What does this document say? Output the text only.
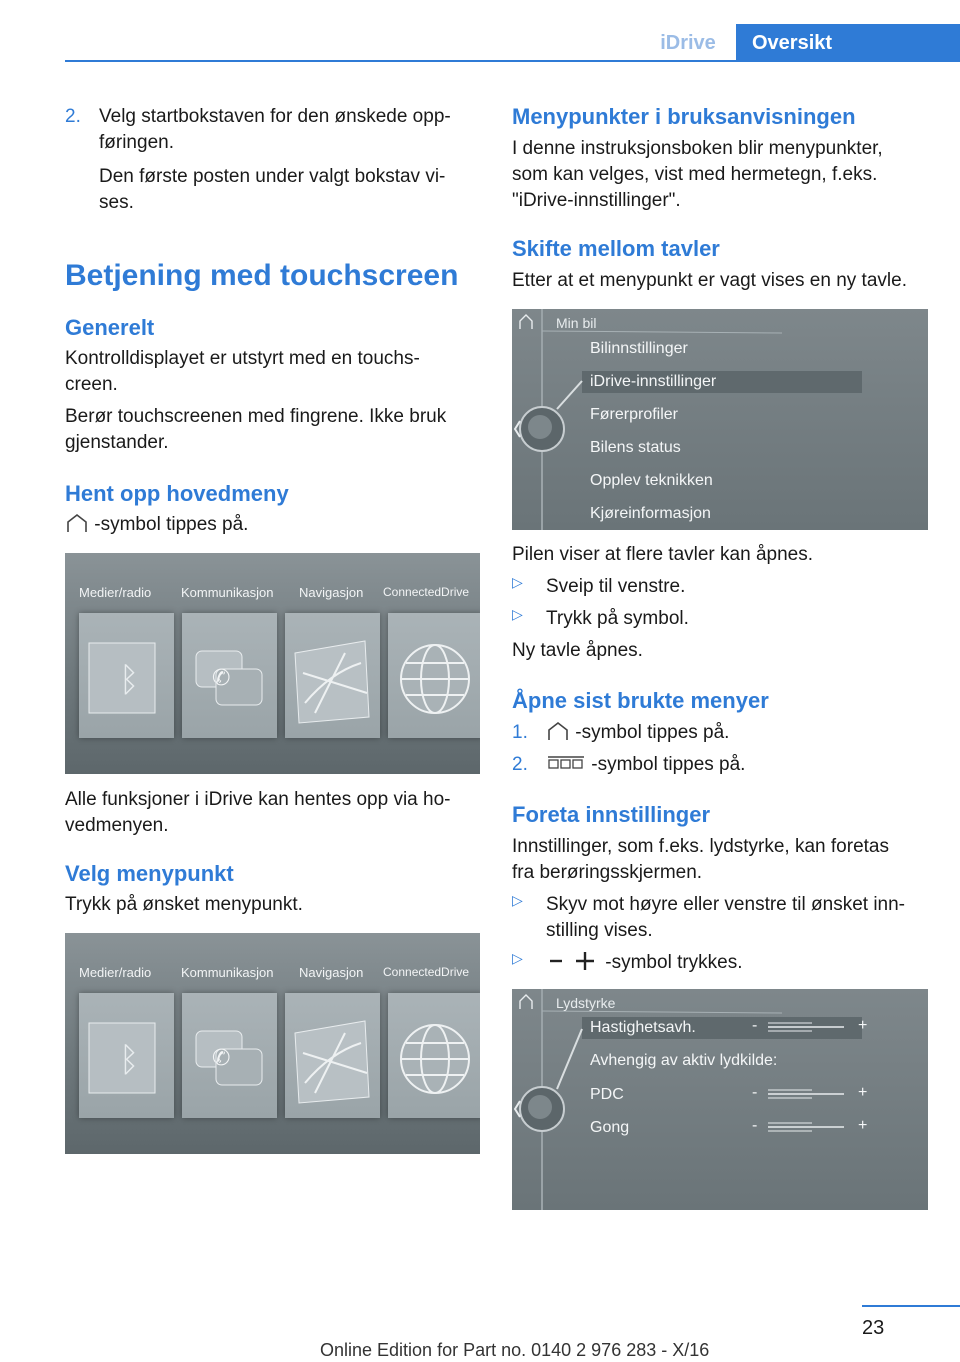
iDrive	Oversikt
2. Velg startbokstaven for den ønskede opp-
føringen.

Den første posten under valgt bokstav vi-
ses.

Betjening med touchscreen
Generelt

Kontrolldisplayet er utstyrt med en touchs-
creen.

Berør touchscreenen med fingrene. Ikke bruk
gjenstander.

Hent opp hovedmeny
-symbol tippes på.
Medier/radio Kommunikasjon Navigasjon ConnectedDrive
ᛒ	✆

Alle funksjoner i iDrive kan hentes opp via ho-
vedmenyen.

Velg menypunkt

Trykk på ønsket menypunkt.

Medier/radio Kommunikasjon Navigasjon ConnectedDrive
ᛒ	✆
Menypunkter i bruksanvisningen

I denne instruksjonsboken blir menypunkter,
som kan velges, vist med hermetegn, f.eks.
"iDrive-innstillinger".

Skifte mellom tavler

Etter at et menypunkt er vagt vises en ny tavle.

Min bil
Bilinnstillinger
iDrive-innstillinger
Førerprofiler
Bilens status
Opplev teknikken
Kjøreinformasjon

Pilen viser at flere tavler kan åpnes.

▷ Sveip til venstre.
▷ Trykk på symbol.

Ny tavle åpnes.

Åpne sist brukte menyer
1.	-symbol tippes på.
2.	-symbol tippes på.
Foreta innstillinger

Innstillinger, som f.eks. lydstyrke, kan foretas
fra berøringsskjermen.

▷ Skyv mot høyre eller venstre til ønsket inn-
stilling vises.
▷	-symbol trykkes.
Lydstyrke
Hastighetsavh.
Avhengig av aktiv lydkilde:
PDC
Gong
-	+
-	+
-	+
23
Online Edition for Part no. 0140 2 976 283 - X/16
